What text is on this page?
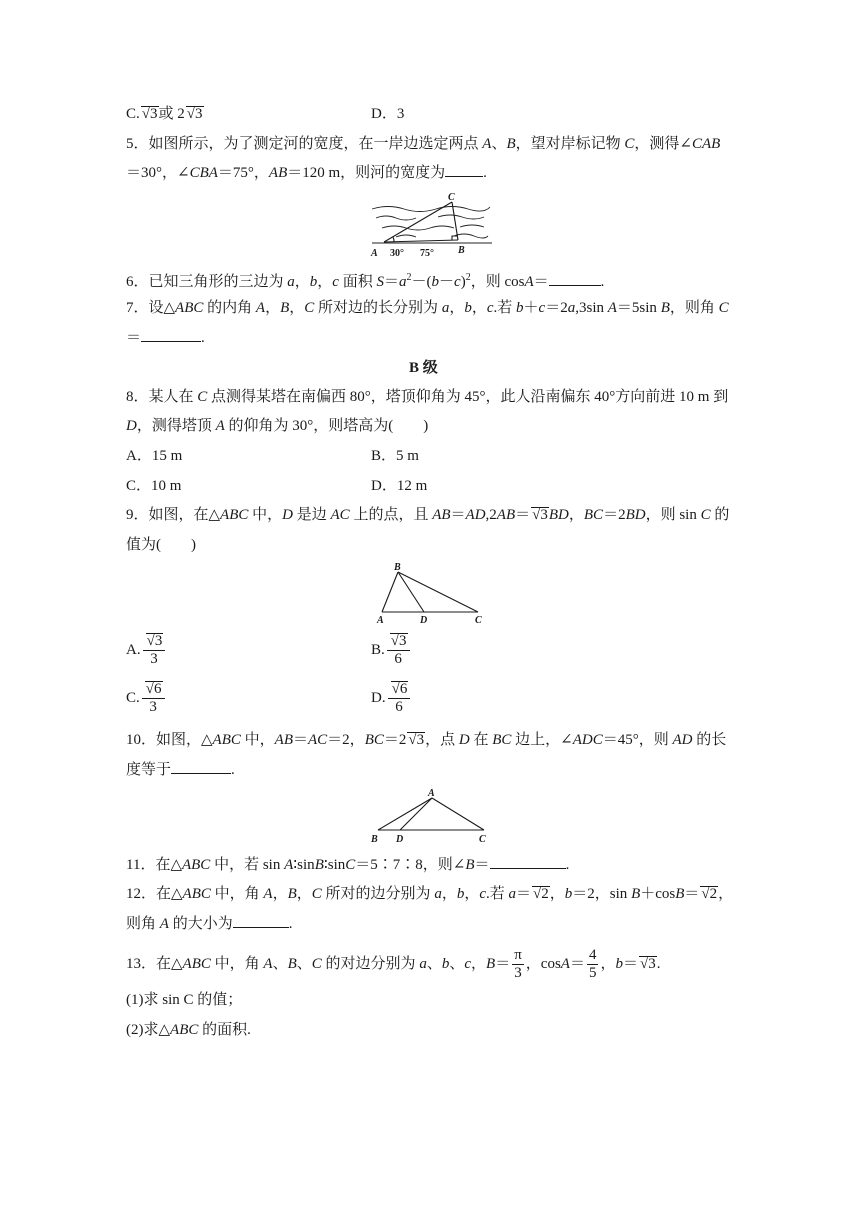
C. √ 3或 2 √ 3	D．3
5．如图所示，为了测定河的宽度，在一岸边选定两点 A、B，望对岸标记物 C，测得∠CAB
＝30°，∠CBA＝75°，AB＝120 m，则河的宽度为	.
C
A	B
30° 75°
6．已知三角形的三边为 a，b，c 面积 $S=a^2-(b-c)^2$，则 cosA＝	.
7．设△ABC 的内角 A，B，C 所对边的长分别为 a，b，c.若 b＋c＝2a,3sin A＝5sin B，则角 C
＝	.
B 级
8．某人在 C 点测得某塔在南偏西 80°，塔顶仰角为 45°，此人沿南偏东 40°方向前进 10 m 到
D，测得塔顶 A 的仰角为 30°，则塔高为(　　)
A．15 m	B．5 m
C．10 m	D．12 m
9．如图，在△ABC 中，D 是边 AC 上的点，且 AB＝AD,2AB＝ √ 3BD，BC＝2BD，则 sin C 的
值为(　　)
B
A	D	C
A. √ $\frac{3}{3}$	B. √ $\frac{3}{6}$
C. √ $\frac{6}{3}$	D. √ $\frac{6}{6}$
10．如图，△ABC 中，AB＝AC＝2，BC＝2 √ 3，点 D 在 BC 边上，∠ADC＝45°，则 AD 的长
度等于	.
A
B D	C
11．在△ABC 中，若 sin A∶sinB∶sinC＝5∶7∶8，则∠B＝	.
12．在△ABC 中，角 A，B，C 所对的边分别为 a，b，c.若 a＝ √ 2，b＝2，sin B＋cosB＝ √ 2，
则角 A 的大小为	.
13．在△ABC 中，角 A、B、C 的对边分别为 a、b、c，$B= \frac{\pi}{3}$ ，$\cos A= \frac{4}{5}$ ，b＝ √ 3.
(1)求 sin C 的值；
(2)求△ABC 的面积.
